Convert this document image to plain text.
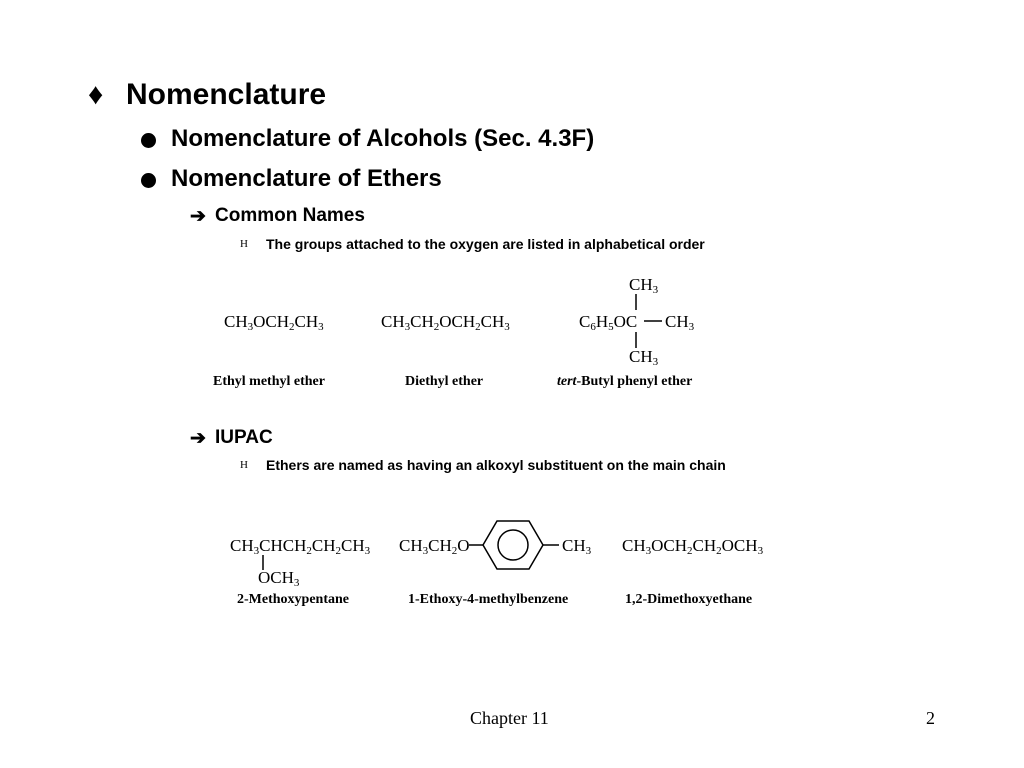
♦ Nomenclature
Nomenclature of Alcohols (Sec. 4.3F)
Nomenclature of Ethers
➔ Common Names
H The groups attached to the oxygen are listed in alphabetical order
$CH_3OCH_2CH_3$
Ethyl methyl ether
$CH_3CH_2OCH_2CH_3$
Diethyl ether
$CH_3$
$C_6H_5OC$ $CH_3$
$CH_3$
tert-Butyl phenyl ether
➔ IUPAC
H Ethers are named as having an alkoxyl substituent on the main chain
$CH_3CHCH_2CH_2CH_3$
$OCH_3$
2-Methoxypentane
$CH_3CH_2O$	$CH_3$
1-Ethoxy-4-methylbenzene
$CH_3OCH_2CH_2OCH_3$
1,2-Dimethoxyethane
Chapter 11	2
